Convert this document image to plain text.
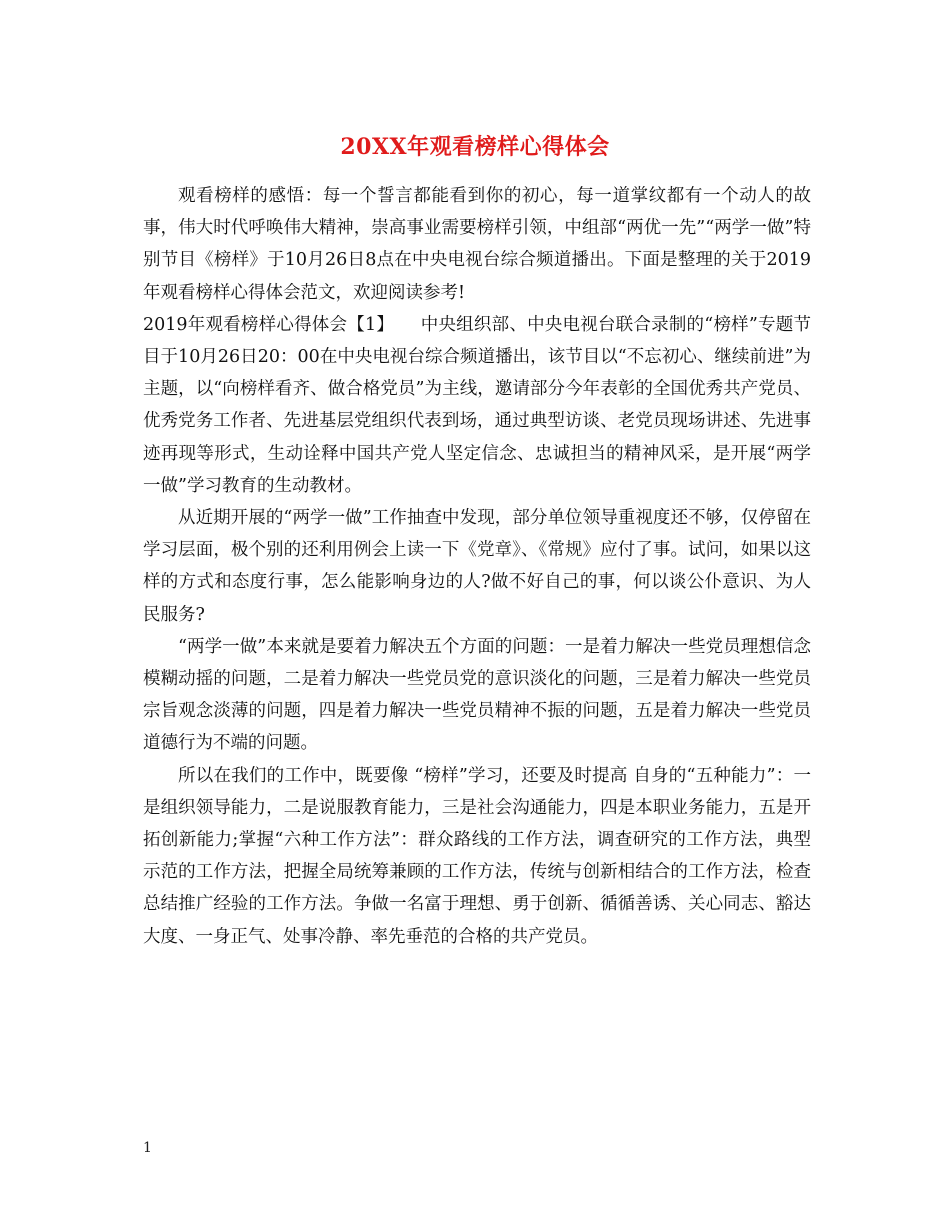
20XX年观看榜样心得体会

观看榜样的感悟：每一个誓言都能看到你的初心，每一道掌纹都有一个动人的故事，伟大时代呼唤伟大精神，崇高事业需要榜样引领，中组部“两优一先”“两学一做”特别节目《榜样》于10月26日8点在中央电视台综合频道播出。下面是整理的关于2019年观看榜样心得体会范文，欢迎阅读参考!

2019年观看榜样心得体会【1】　　中央组织部、中央电视台联合录制的“榜样”专题节目于10月26日20：00在中央电视台综合频道播出，该节目以“不忘初心、继续前进”为主题，以“向榜样看齐、做合格党员”为主线，邀请部分今年表彰的全国优秀共产党员、优秀党务工作者、先进基层党组织代表到场，通过典型访谈、老党员现场讲述、先进事迹再现等形式，生动诠释中国共产党人坚定信念、忠诚担当的精神风采，是开展“两学一做”学习教育的生动教材。

从近期开展的“两学一做”工作抽查中发现，部分单位领导重视度还不够，仅停留在学习层面，极个别的还利用例会上读一下《党章》、《常规》应付了事。试问，如果以这样的方式和态度行事，怎么能影响身边的人?做不好自己的事，何以谈公仆意识、为人民服务?

“两学一做”本来就是要着力解决五个方面的问题：一是着力解决一些党员理想信念模糊动摇的问题，二是着力解决一些党员党的意识淡化的问题，三是着力解决一些党员宗旨观念淡薄的问题，四是着力解决一些党员精神不振的问题，五是着力解决一些党员道德行为不端的问题。

所以在我们的工作中，既要像 “榜样”学习，还要及时提高 自身的“五种能力”：一是组织领导能力，二是说服教育能力，三是社会沟通能力，四是本职业务能力，五是开拓创新能力;掌握“六种工作方法”：群众路线的工作方法，调查研究的工作方法，典型示范的工作方法，把握全局统筹兼顾的工作方法，传统与创新相结合的工作方法，检查总结推广经验的工作方法。争做一名富于理想、勇于创新、循循善诱、关心同志、豁达大度、一身正气、处事冷静、率先垂范的合格的共产党员。

1
